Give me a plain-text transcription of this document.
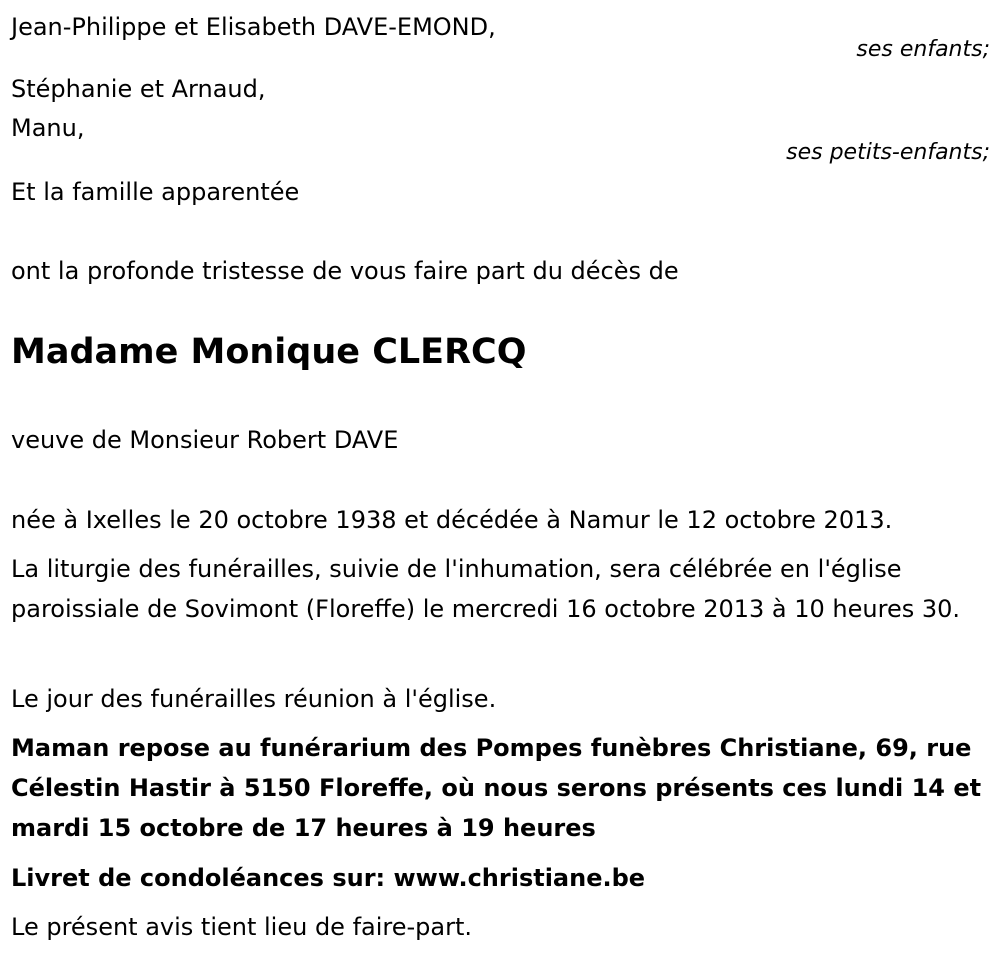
Jean-Philippe et Elisabeth DAVE-EMOND,

ses enfants;

Stéphanie et Arnaud,

Manu,

ses petits-enfants;

Et la famille apparentée

ont la profonde tristesse de vous faire part du décès de

Madame Monique CLERCQ

veuve de Monsieur Robert DAVE

née à Ixelles le 20 octobre 1938 et décédée à Namur le 12 octobre 2013.

La liturgie des funérailles, suivie de l'inhumation, sera célébrée en l'église paroissiale de Sovimont (Floreffe) le mercredi 16 octobre 2013 à 10 heures 30.

Le jour des funérailles réunion à l'église.

Maman repose au funérarium des Pompes funèbres Christiane, 69, rue Célestin Hastir à 5150 Floreffe, où nous serons présents ces lundi 14 et mardi 15 octobre de 17 heures à 19 heures

Livret de condoléances sur: www.christiane.be

Le présent avis tient lieu de faire-part.
